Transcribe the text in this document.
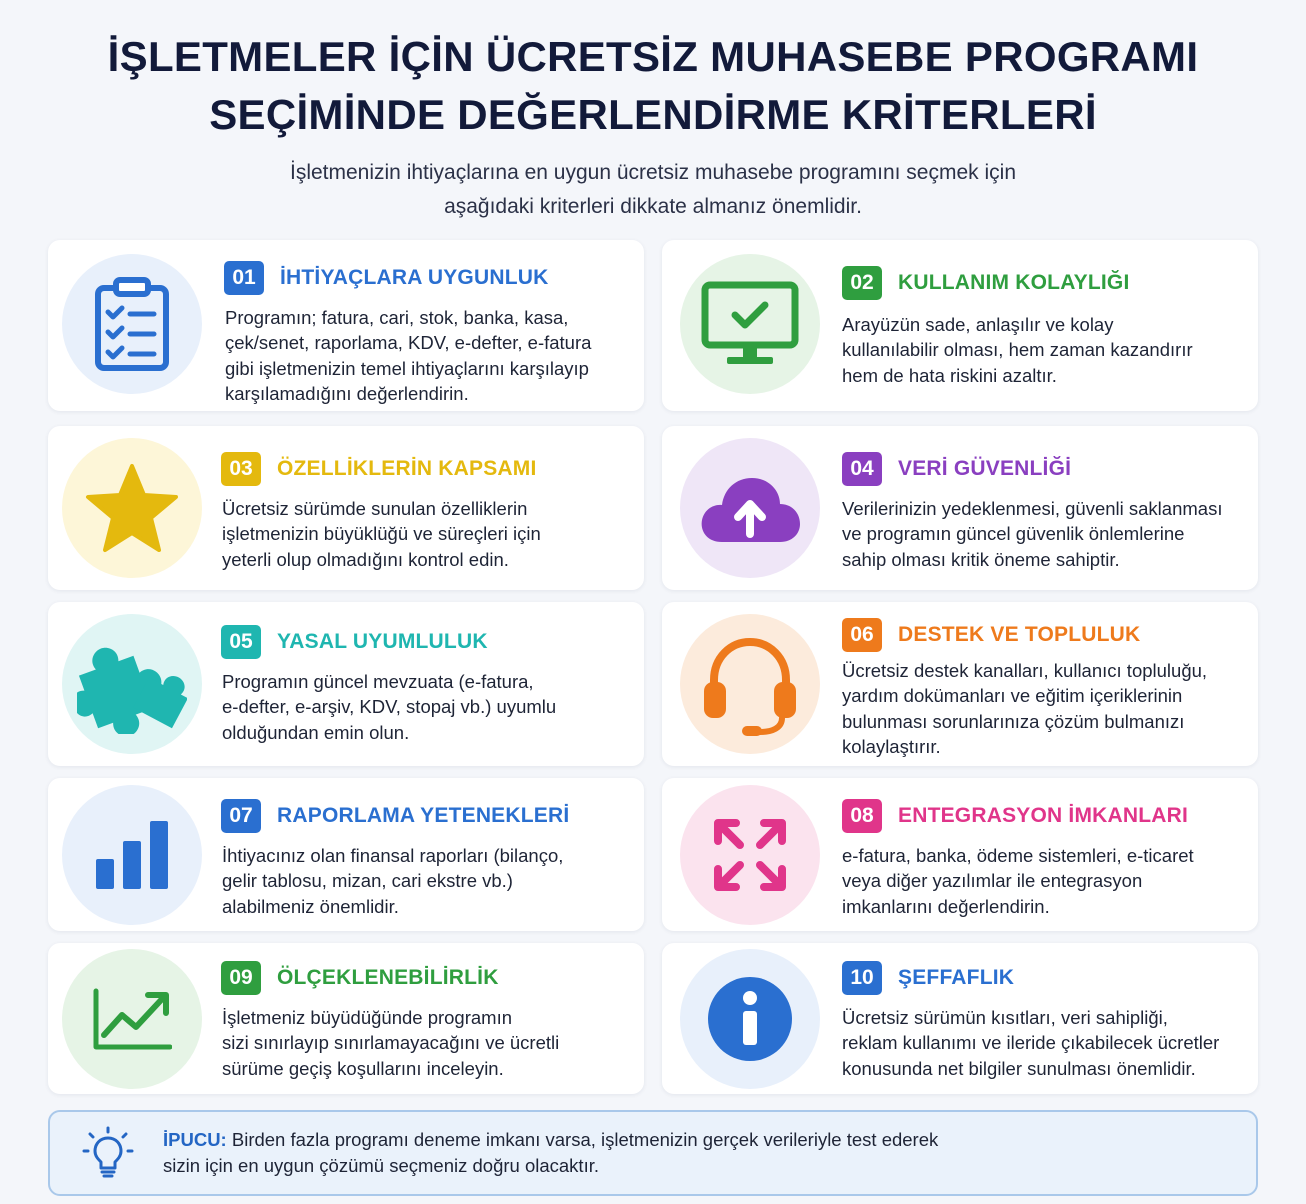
İŞLETMELER İÇİN ÜCRETSİZ MUHASEBE PROGRAMI
SEÇİMİNDE DEĞERLENDİRME KRİTERLERİ
İşletmenizin ihtiyaçlarına en uygun ücretsiz muhasebe programını seçmek için
aşağıdaki kriterleri dikkate almanız önemlidir.
01	İHTİYAÇLARA UYGUNLUK
Programın; fatura, cari, stok, banka, kasa,
çek/senet, raporlama, KDV, e-defter, e-fatura
gibi işletmenizin temel ihtiyaçlarını karşılayıp
karşılamadığını değerlendirin.
02	KULLANIM KOLAYLIĞI
Arayüzün sade, anlaşılır ve kolay
kullanılabilir olması, hem zaman kazandırır
hem de hata riskini azaltır.
03	ÖZELLİKLERİN KAPSAMI
Ücretsiz sürümde sunulan özelliklerin
işletmenizin büyüklüğü ve süreçleri için
yeterli olup olmadığını kontrol edin.
04	VERİ GÜVENLİĞİ
Verilerinizin yedeklenmesi, güvenli saklanması
ve programın güncel güvenlik önlemlerine
sahip olması kritik öneme sahiptir.
05	YASAL UYUMLULUK
Programın güncel mevzuata (e-fatura,
e-defter, e-arşiv, KDV, stopaj vb.) uyumlu
olduğundan emin olun.
06	DESTEK VE TOPLULUK
Ücretsiz destek kanalları, kullanıcı topluluğu,
yardım dokümanları ve eğitim içeriklerinin
bulunması sorunlarınıza çözüm bulmanızı
kolaylaştırır.
07	RAPORLAMA YETENEKLERİ
İhtiyacınız olan finansal raporları (bilanço,
gelir tablosu, mizan, cari ekstre vb.)
alabilmeniz önemlidir.
08	ENTEGRASYON İMKANLARI
e-fatura, banka, ödeme sistemleri, e-ticaret
veya diğer yazılımlar ile entegrasyon
imkanlarını değerlendirin.
09	ÖLÇEKLENEBİLİRLİK
İşletmeniz büyüdüğünde programın
sizi sınırlayıp sınırlamayacağını ve ücretli
sürüme geçiş koşullarını inceleyin.
10	ŞEFFAFLIK
Ücretsiz sürümün kısıtları, veri sahipliği,
reklam kullanımı ve ileride çıkabilecek ücretler
konusunda net bilgiler sunulması önemlidir.
İPUCU: Birden fazla programı deneme imkanı varsa, işletmenizin gerçek verileriyle test ederek
sizin için en uygun çözümü seçmeniz doğru olacaktır.
